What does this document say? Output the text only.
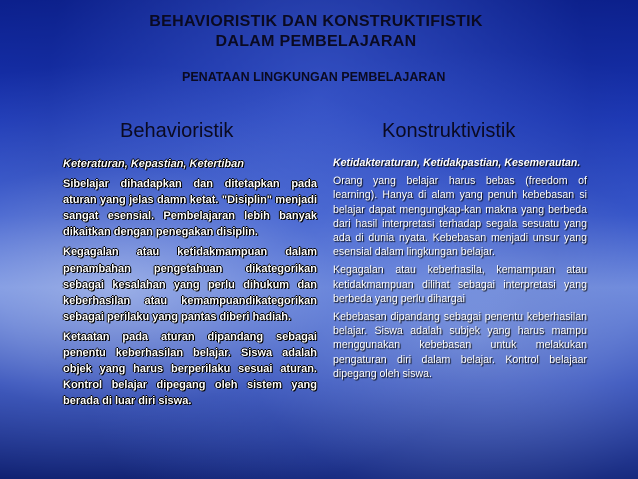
BEHAVIORISTIK DAN KONSTRUKTIFISTIK
DALAM PEMBELAJARAN
PENATAAN LINGKUNGAN PEMBELAJARAN
Behavioristik	Konstruktivistik

Keteraturan, Kepastian, Ketertiban

Sibelajar dihadapkan dan ditetapkan pada aturan yang jelas damn ketat. "Disiplin" menjadi sangat esensial. Pembelajaran lebih banyak dikaitkan dengan penegakan disiplin.

Kegagalan atau ketidakmampuan dalam penambahan pengetahuan dikategorikan sebagai kesalahan yang perlu dihukum dan keberhasilan atau kemampuandikategorikan sebagai perilaku yang pantas diberi hadiah.

Ketaatan pada aturan dipandang sebagai penentu keberhasilan belajar. Siswa adalah objek yang harus berperilaku sesuai aturan. Kontrol belajar dipegang oleh sistem yang berada di luar diri siswa.

Ketidakteraturan, Ketidakpastian, Kesemerautan.

Orang yang belajar harus bebas (freedom of learning). Hanya di alam yang penuh kebebasan si belajar dapat mengungkap-kan makna yang berbeda dari hasil interpretasi terhadap segala sesuatu yang ada di dunia nyata. Kebebasan menjadi unsur yang esensial dalam lingkungan belajar.

Kegagalan atau keberhasila, kemampuan atau ketidakmampuan dilihat sebagai interpretasi yang berbeda yang perlu dihargai

Kebebasan dipandang sebagai penentu keberhasilan belajar. Siswa adalah subjek yang harus mampu menggunakan kebebasan untuk melakukan pengaturan diri dalam belajar. Kontrol belajaar dipegang oleh siswa.
